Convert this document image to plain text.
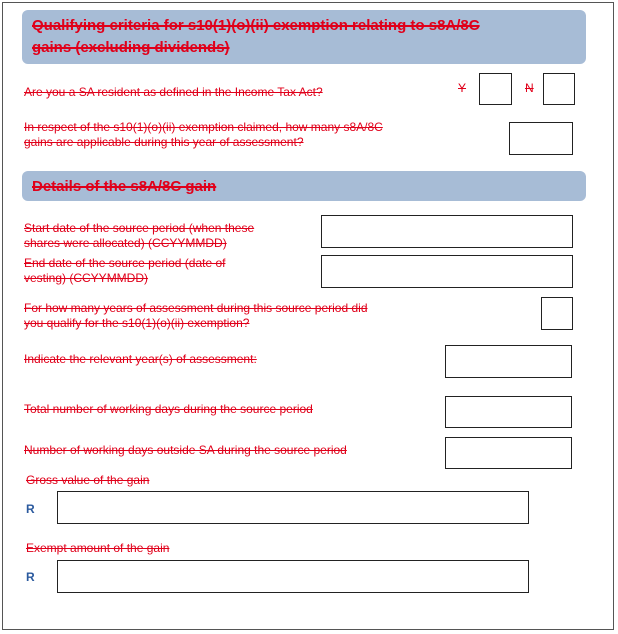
Qualifying criteria for s10(1)(o)(ii) exemption relating to s8A/8C
gains (excluding dividends)
Are you a SA resident as defined in the Income Tax Act?	Y	N
In respect of the s10(1)(o)(ii) exemption claimed, how many s8A/8C
gains are applicable during this year of assessment?
Details of the s8A/8C gain
Start date of the source period (when these
shares were allocated) (CCYYMMDD)
End date of the source period (date of
vesting) (CCYYMMDD)
For how many years of assessment during this source period did
you qualify for the s10(1)(o)(ii) exemption?
Indicate the relevant year(s) of assessment:
Total number of working days during the source period
Number of working days outside SA during the source period
Gross value of the gain
R
Exempt amount of the gain
R
